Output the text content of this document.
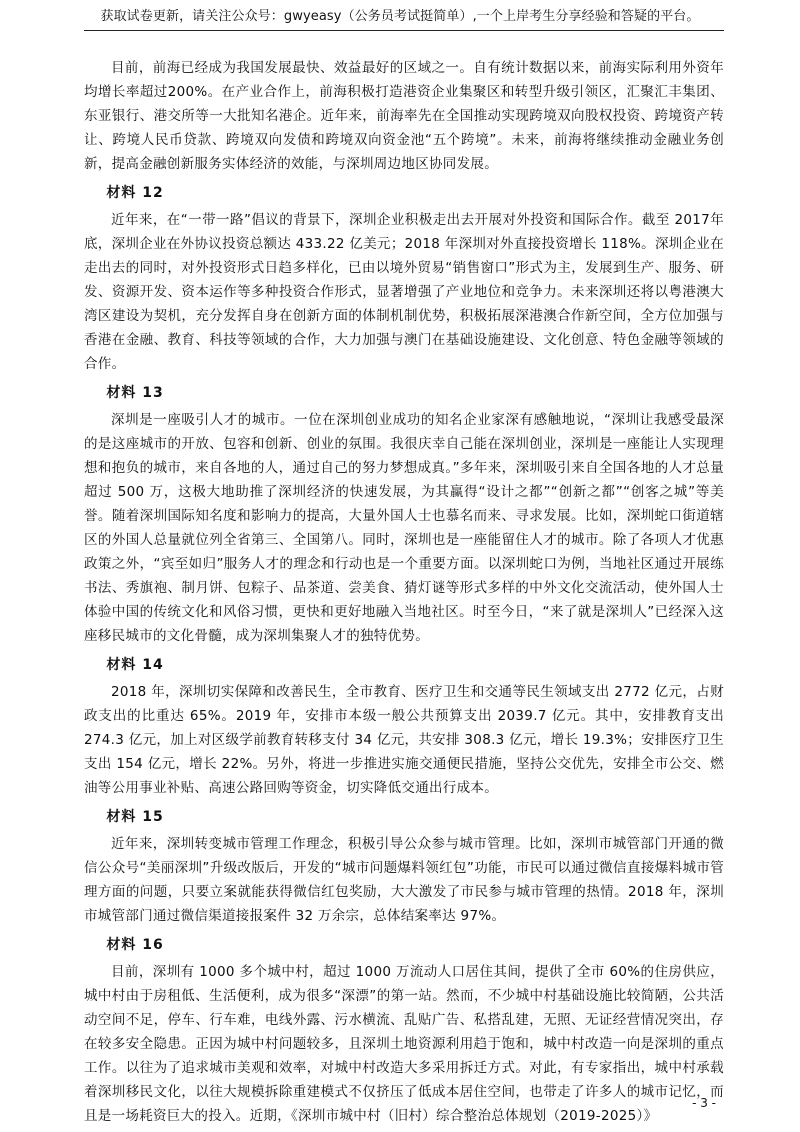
获取试卷更新，请关注公众号：gwyeasy（公务员考试挺简单）,一个上岸考生分享经验和答疑的平台。

目前，前海已经成为我国发展最快、效益最好的区域之一。自有统计数据以来，前海实际利用外资年均增长率超过200%。在产业合作上，前海积极打造港资企业集聚区和转型升级引领区，汇聚汇丰集团、东亚银行、港交所等一大批知名港企。近年来，前海率先在全国推动实现跨境双向股权投资、跨境资产转让、跨境人民币贷款、跨境双向发债和跨境双向资金池“五个跨境”。未来，前海将继续推动金融业务创新，提高金融创新服务实体经济的效能，与深圳周边地区协同发展。

材料 12

近年来，在“一带一路”倡议的背景下，深圳企业积极走出去开展对外投资和国际合作。截至 2017年底，深圳企业在外协议投资总额达 433.22 亿美元；2018 年深圳对外直接投资增长 118%。深圳企业在走出去的同时，对外投资形式日趋多样化，已由以境外贸易“销售窗口”形式为主，发展到生产、服务、研发、资源开发、资本运作等多种投资合作形式，显著增强了产业地位和竞争力。未来深圳还将以粤港澳大湾区建设为契机，充分发挥自身在创新方面的体制机制优势，积极拓展深港澳合作新空间，全方位加强与香港在金融、教育、科技等领域的合作，大力加强与澳门在基础设施建设、文化创意、特色金融等领域的合作。

材料 13

深圳是一座吸引人才的城市。一位在深圳创业成功的知名企业家深有感触地说，“深圳让我感受最深的是这座城市的开放、包容和创新、创业的氛围。我很庆幸自己能在深圳创业，深圳是一座能让人实现理想和抱负的城市，来自各地的人，通过自己的努力梦想成真。”多年来，深圳吸引来自全国各地的人才总量超过 500 万，这极大地助推了深圳经济的快速发展，为其赢得“设计之都”“创新之都”“创客之城”等美誉。随着深圳国际知名度和影响力的提高，大量外国人士也慕名而来、寻求发展。比如，深圳蛇口街道辖区的外国人总量就位列全省第三、全国第八。同时，深圳也是一座能留住人才的城市。除了各项人才优惠政策之外，“宾至如归”服务人才的理念和行动也是一个重要方面。以深圳蛇口为例，当地社区通过开展练书法、秀旗袍、制月饼、包粽子、品茶道、尝美食、猜灯谜等形式多样的中外文化交流活动，使外国人士体验中国的传统文化和风俗习惯，更快和更好地融入当地社区。时至今日，“来了就是深圳人”已经深入这座移民城市的文化骨髓，成为深圳集聚人才的独特优势。

材料 14

2018 年，深圳切实保障和改善民生，全市教育、医疗卫生和交通等民生领域支出 2772 亿元，占财政支出的比重达 65%。2019 年，安排市本级一般公共预算支出 2039.7 亿元。其中，安排教育支出 274.3 亿元，加上对区级学前教育转移支付 34 亿元，共安排 308.3 亿元，增长 19.3%；安排医疗卫生支出 154 亿元，增长 22%。另外，将进一步推进实施交通便民措施，坚持公交优先，安排全市公交、燃油等公用事业补贴、高速公路回购等资金，切实降低交通出行成本。

材料 15

近年来，深圳转变城市管理工作理念，积极引导公众参与城市管理。比如，深圳市城管部门开通的微信公众号“美丽深圳”升级改版后，开发的“城市问题爆料领红包”功能，市民可以通过微信直接爆料城市管理方面的问题，只要立案就能获得微信红包奖励，大大激发了市民参与城市管理的热情。2018 年，深圳市城管部门通过微信渠道接报案件 32 万余宗，总体结案率达 97%。

材料 16

目前，深圳有 1000 多个城中村，超过 1000 万流动人口居住其间，提供了全市 60%的住房供应，城中村由于房租低、生活便利，成为很多“深漂”的第一站。然而，不少城中村基础设施比较简陋，公共活动空间不足，停车、行车难，电线外露、污水横流、乱贴广告、私搭乱建，无照、无证经营情况突出，存在较多安全隐患。正因为城中村问题较多，且深圳土地资源利用趋于饱和，城中村改造一向是深圳的重点工作。以往为了追求城市美观和效率，对城中村改造大多采用拆迁方式。对此，有专家指出，城中村承载着深圳移民文化，以往大规模拆除重建模式不仅挤压了低成本居住空间，也带走了许多人的城市记忆，而且是一场耗资巨大的投入。近期，《深圳市城中村（旧村）综合整治总体规划（2019-2025）》

- 3 -
